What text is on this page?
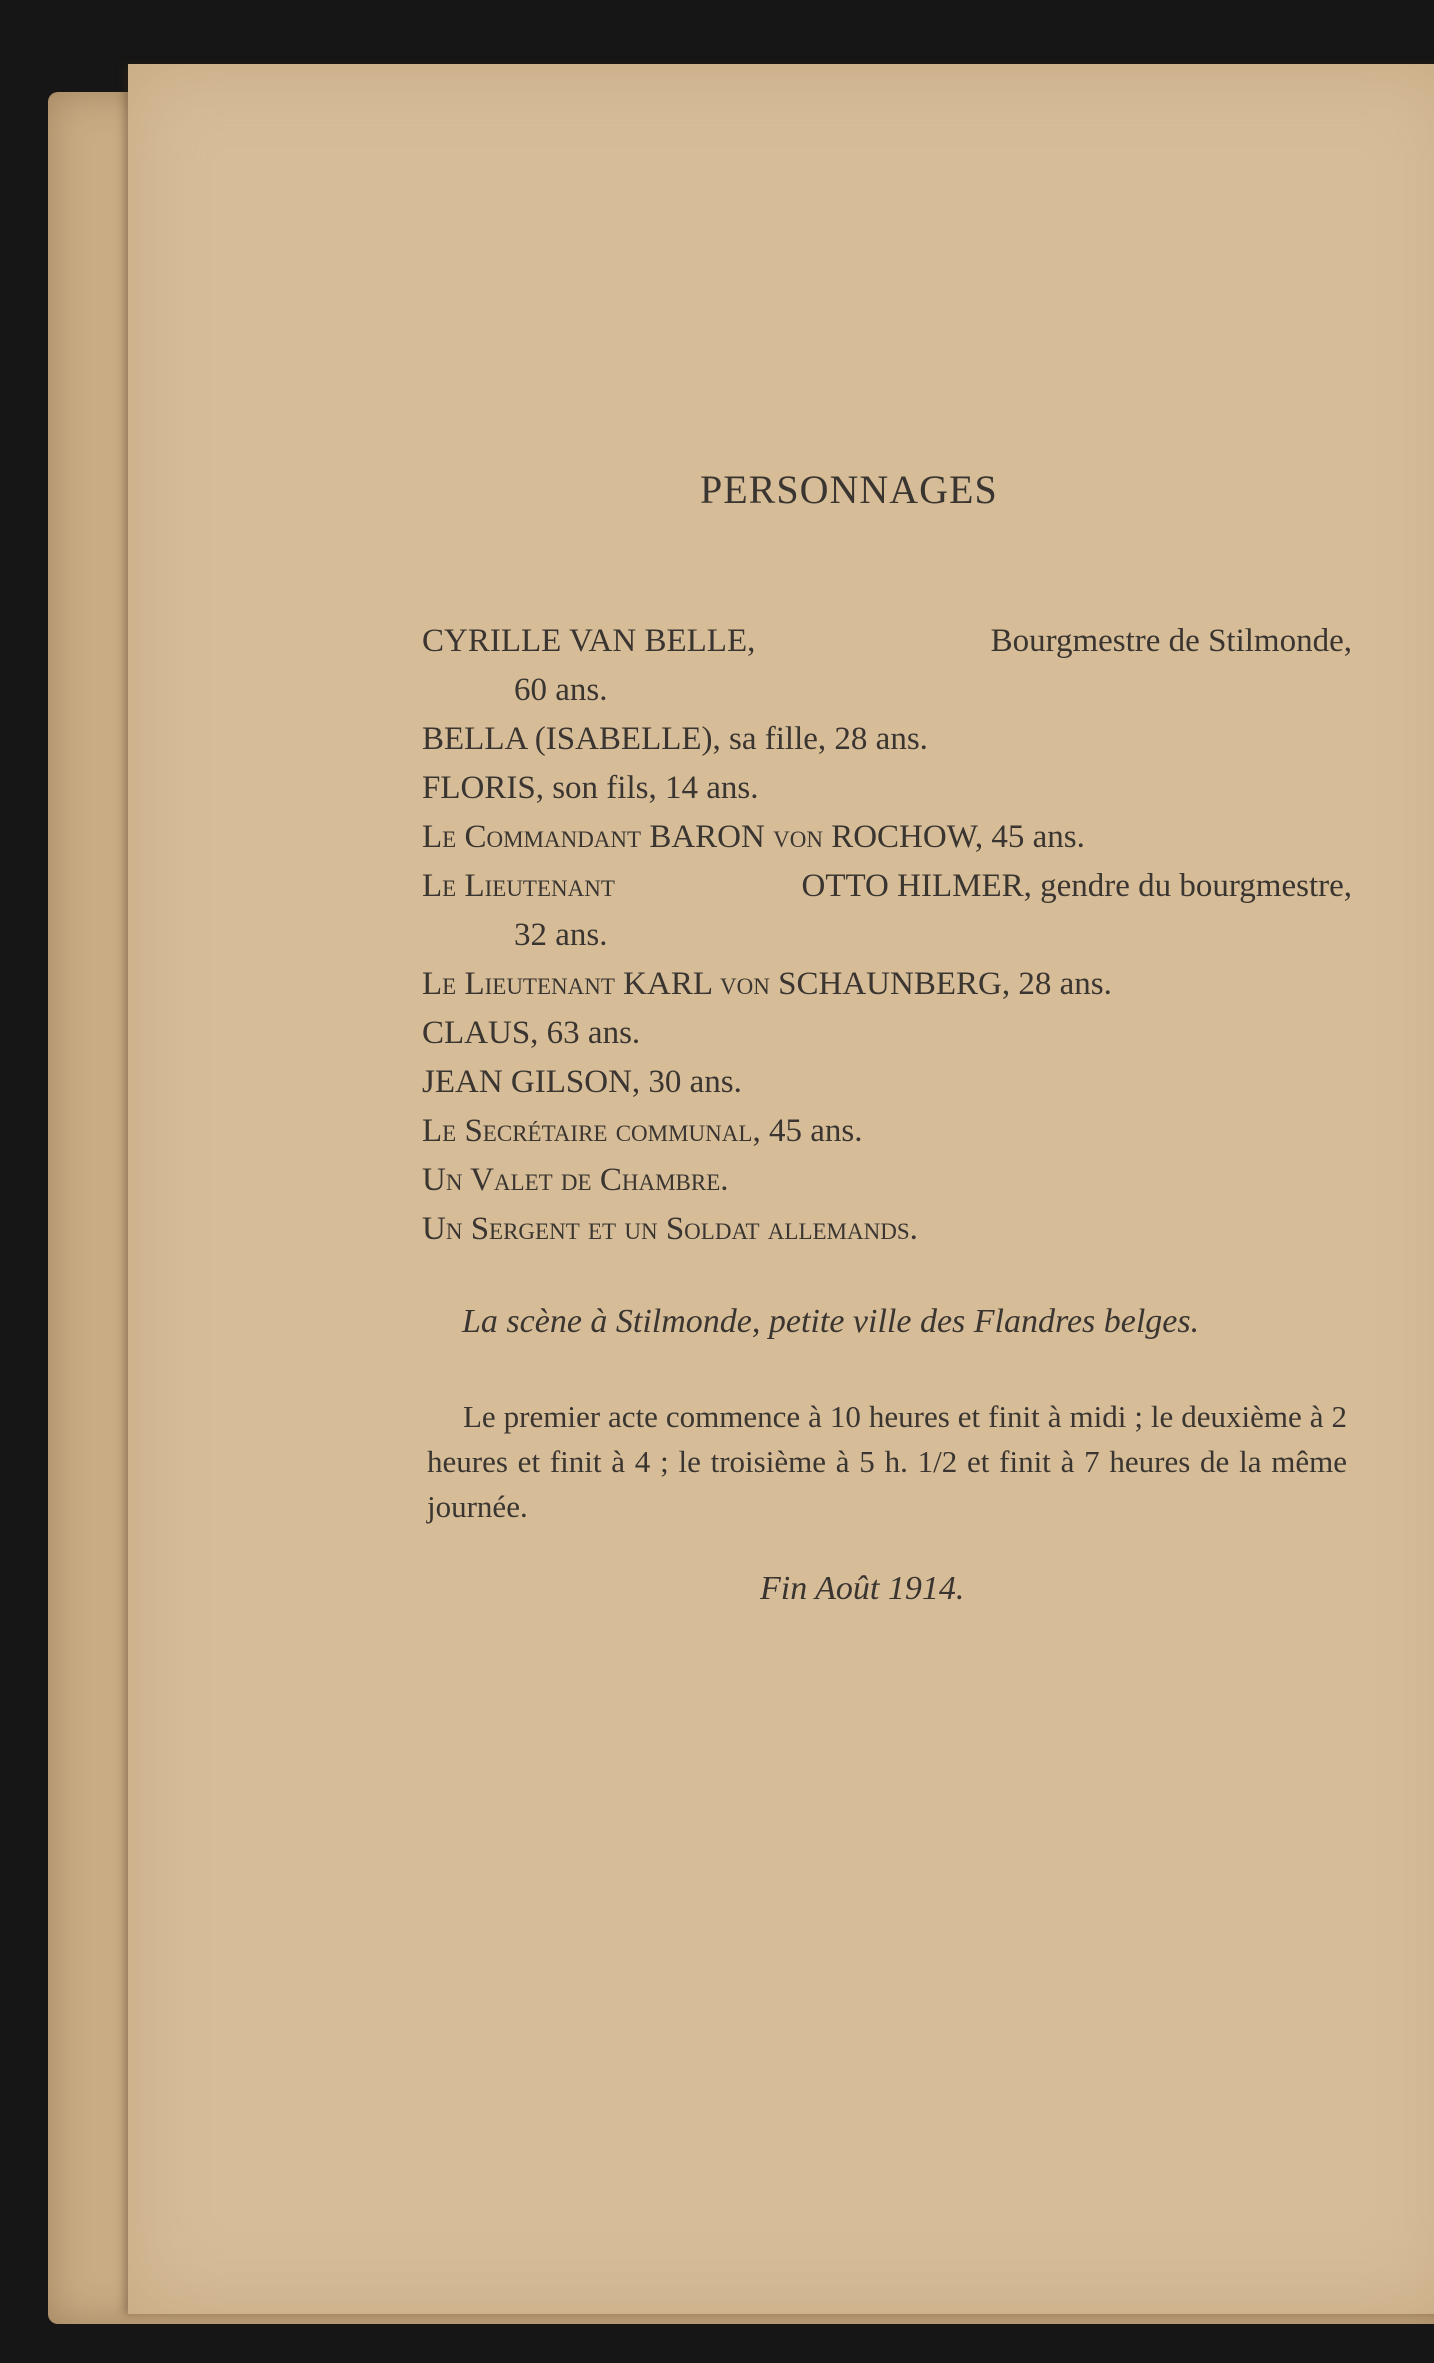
PERSONNAGES
CYRILLE VAN BELLE,	Bourgmestre de Stilmonde,
60 ans.
BELLA (ISABELLE), sa fille, 28 ans.
FLORIS, son fils, 14 ans.
Le Commandant BARON von ROCHOW, 45 ans.
Le Lieutenant	OTTO HILMER, gendre du bourgmestre,
32 ans.
Le Lieutenant KARL von SCHAUNBERG, 28 ans.
CLAUS, 63 ans.
JEAN GILSON, 30 ans.
Le Secrétaire communal, 45 ans.
Un Valet de Chambre.
Un Sergent et un Soldat allemands.
La scène à Stilmonde, petite ville des Flandres belges.
Le premier acte commence à 10 heures et finit à midi ; le deuxième à 2 heures et finit à 4 ; le troisième à 5 h. 1/2 et finit à 7 heures de la même journée.
Fin Août 1914.
